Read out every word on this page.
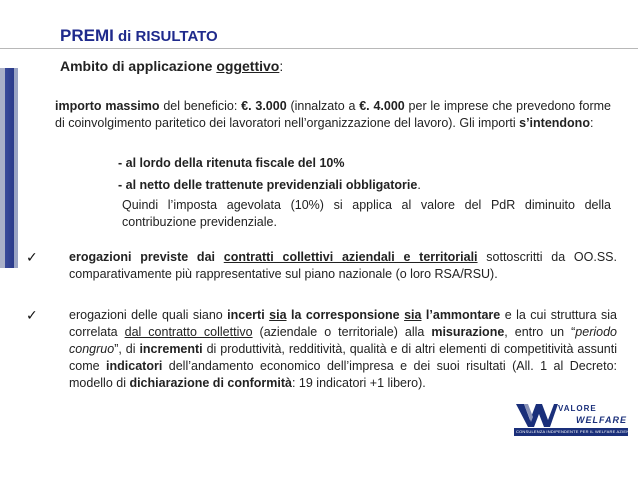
PREMI di RISULTATO
Ambito di applicazione oggettivo:

importo massimo del beneficio: €. 3.000 (innalzato a €. 4.000 per le imprese che prevedono forme di coinvolgimento paritetico dei lavoratori nell’organizzazione del lavoro). Gli importi s’intendono:

- al lordo della ritenuta fiscale del 10%
- al netto delle trattenute previdenziali obbligatorie.

Quindi l’imposta agevolata (10%) si applica al valore del PdR diminuito della contribuzione previdenziale.

✓	erogazioni previste dai contratti collettivi aziendali e territoriali sottoscritti da OO.SS. comparativamente più rappresentative sul piano nazionale (o loro RSA/RSU).

✓	erogazioni delle quali siano incerti sia la corresponsione sia l’ammontare e la cui struttura sia correlata dal contratto collettivo (aziendale o territoriale) alla misurazione, entro un “periodo congruo”, di incrementi di produttività, redditività, qualità e di altri elementi di competitività assunti come indicatori dell’andamento economico dell’impresa e dei suoi risultati (All. 1 al Decreto: modello di dichiarazione di conformità: 19 indicatori +1 libero).

VALORE
WELFARE
CONSULENZA INDIPENDENTE PER IL WELFARE AZIENDALE
